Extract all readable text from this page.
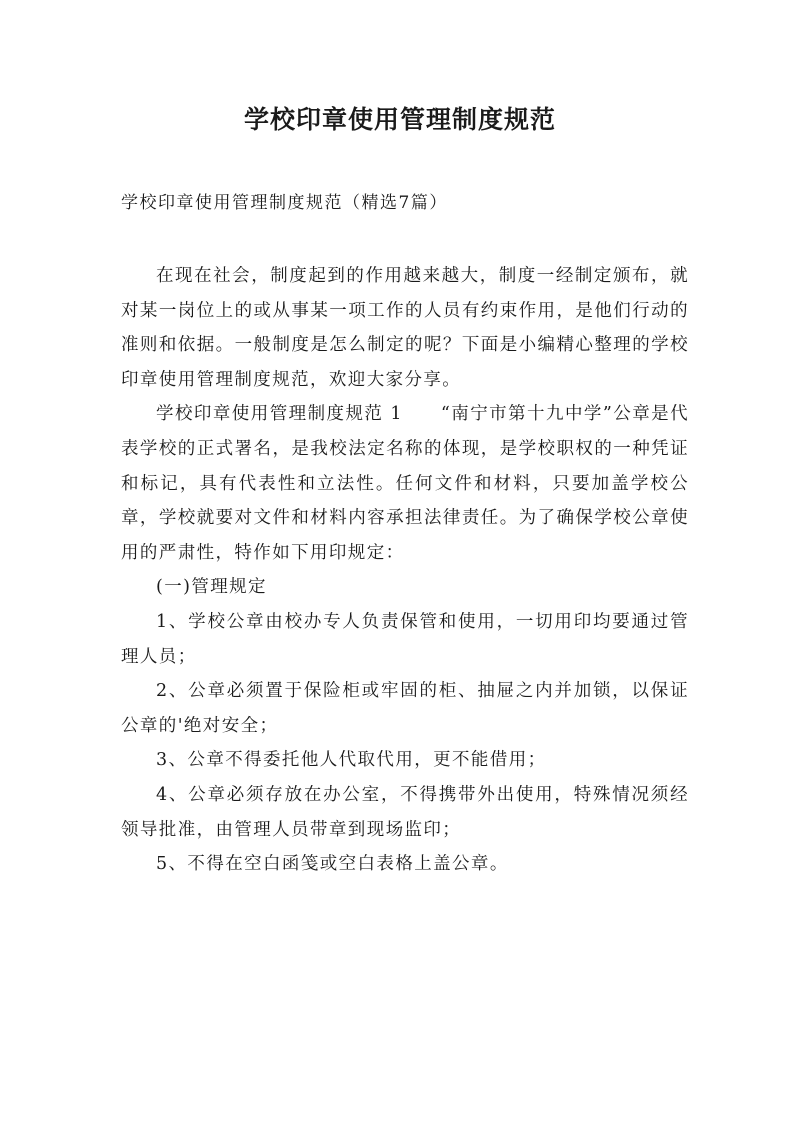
学校印章使用管理制度规范

学校印章使用管理制度规范（精选7篇）

在现在社会，制度起到的作用越来越大，制度一经制定颁布，就对某一岗位上的或从事某一项工作的人员有约束作用，是他们行动的准则和依据。一般制度是怎么制定的呢？下面是小编精心整理的学校印章使用管理制度规范，欢迎大家分享。

学校印章使用管理制度规范 1　　“南宁市第十九中学”公章是代表学校的正式署名，是我校法定名称的体现，是学校职权的一种凭证和标记，具有代表性和立法性。任何文件和材料，只要加盖学校公章，学校就要对文件和材料内容承担法律责任。为了确保学校公章使用的严肃性，特作如下用印规定：

(一)管理规定

1、学校公章由校办专人负责保管和使用，一切用印均要通过管理人员；

2、公章必须置于保险柜或牢固的柜、抽屉之内并加锁，以保证公章的'绝对安全；

3、公章不得委托他人代取代用，更不能借用；

4、公章必须存放在办公室，不得携带外出使用，特殊情况须经领导批准，由管理人员带章到现场监印；

5、不得在空白函笺或空白表格上盖公章。
